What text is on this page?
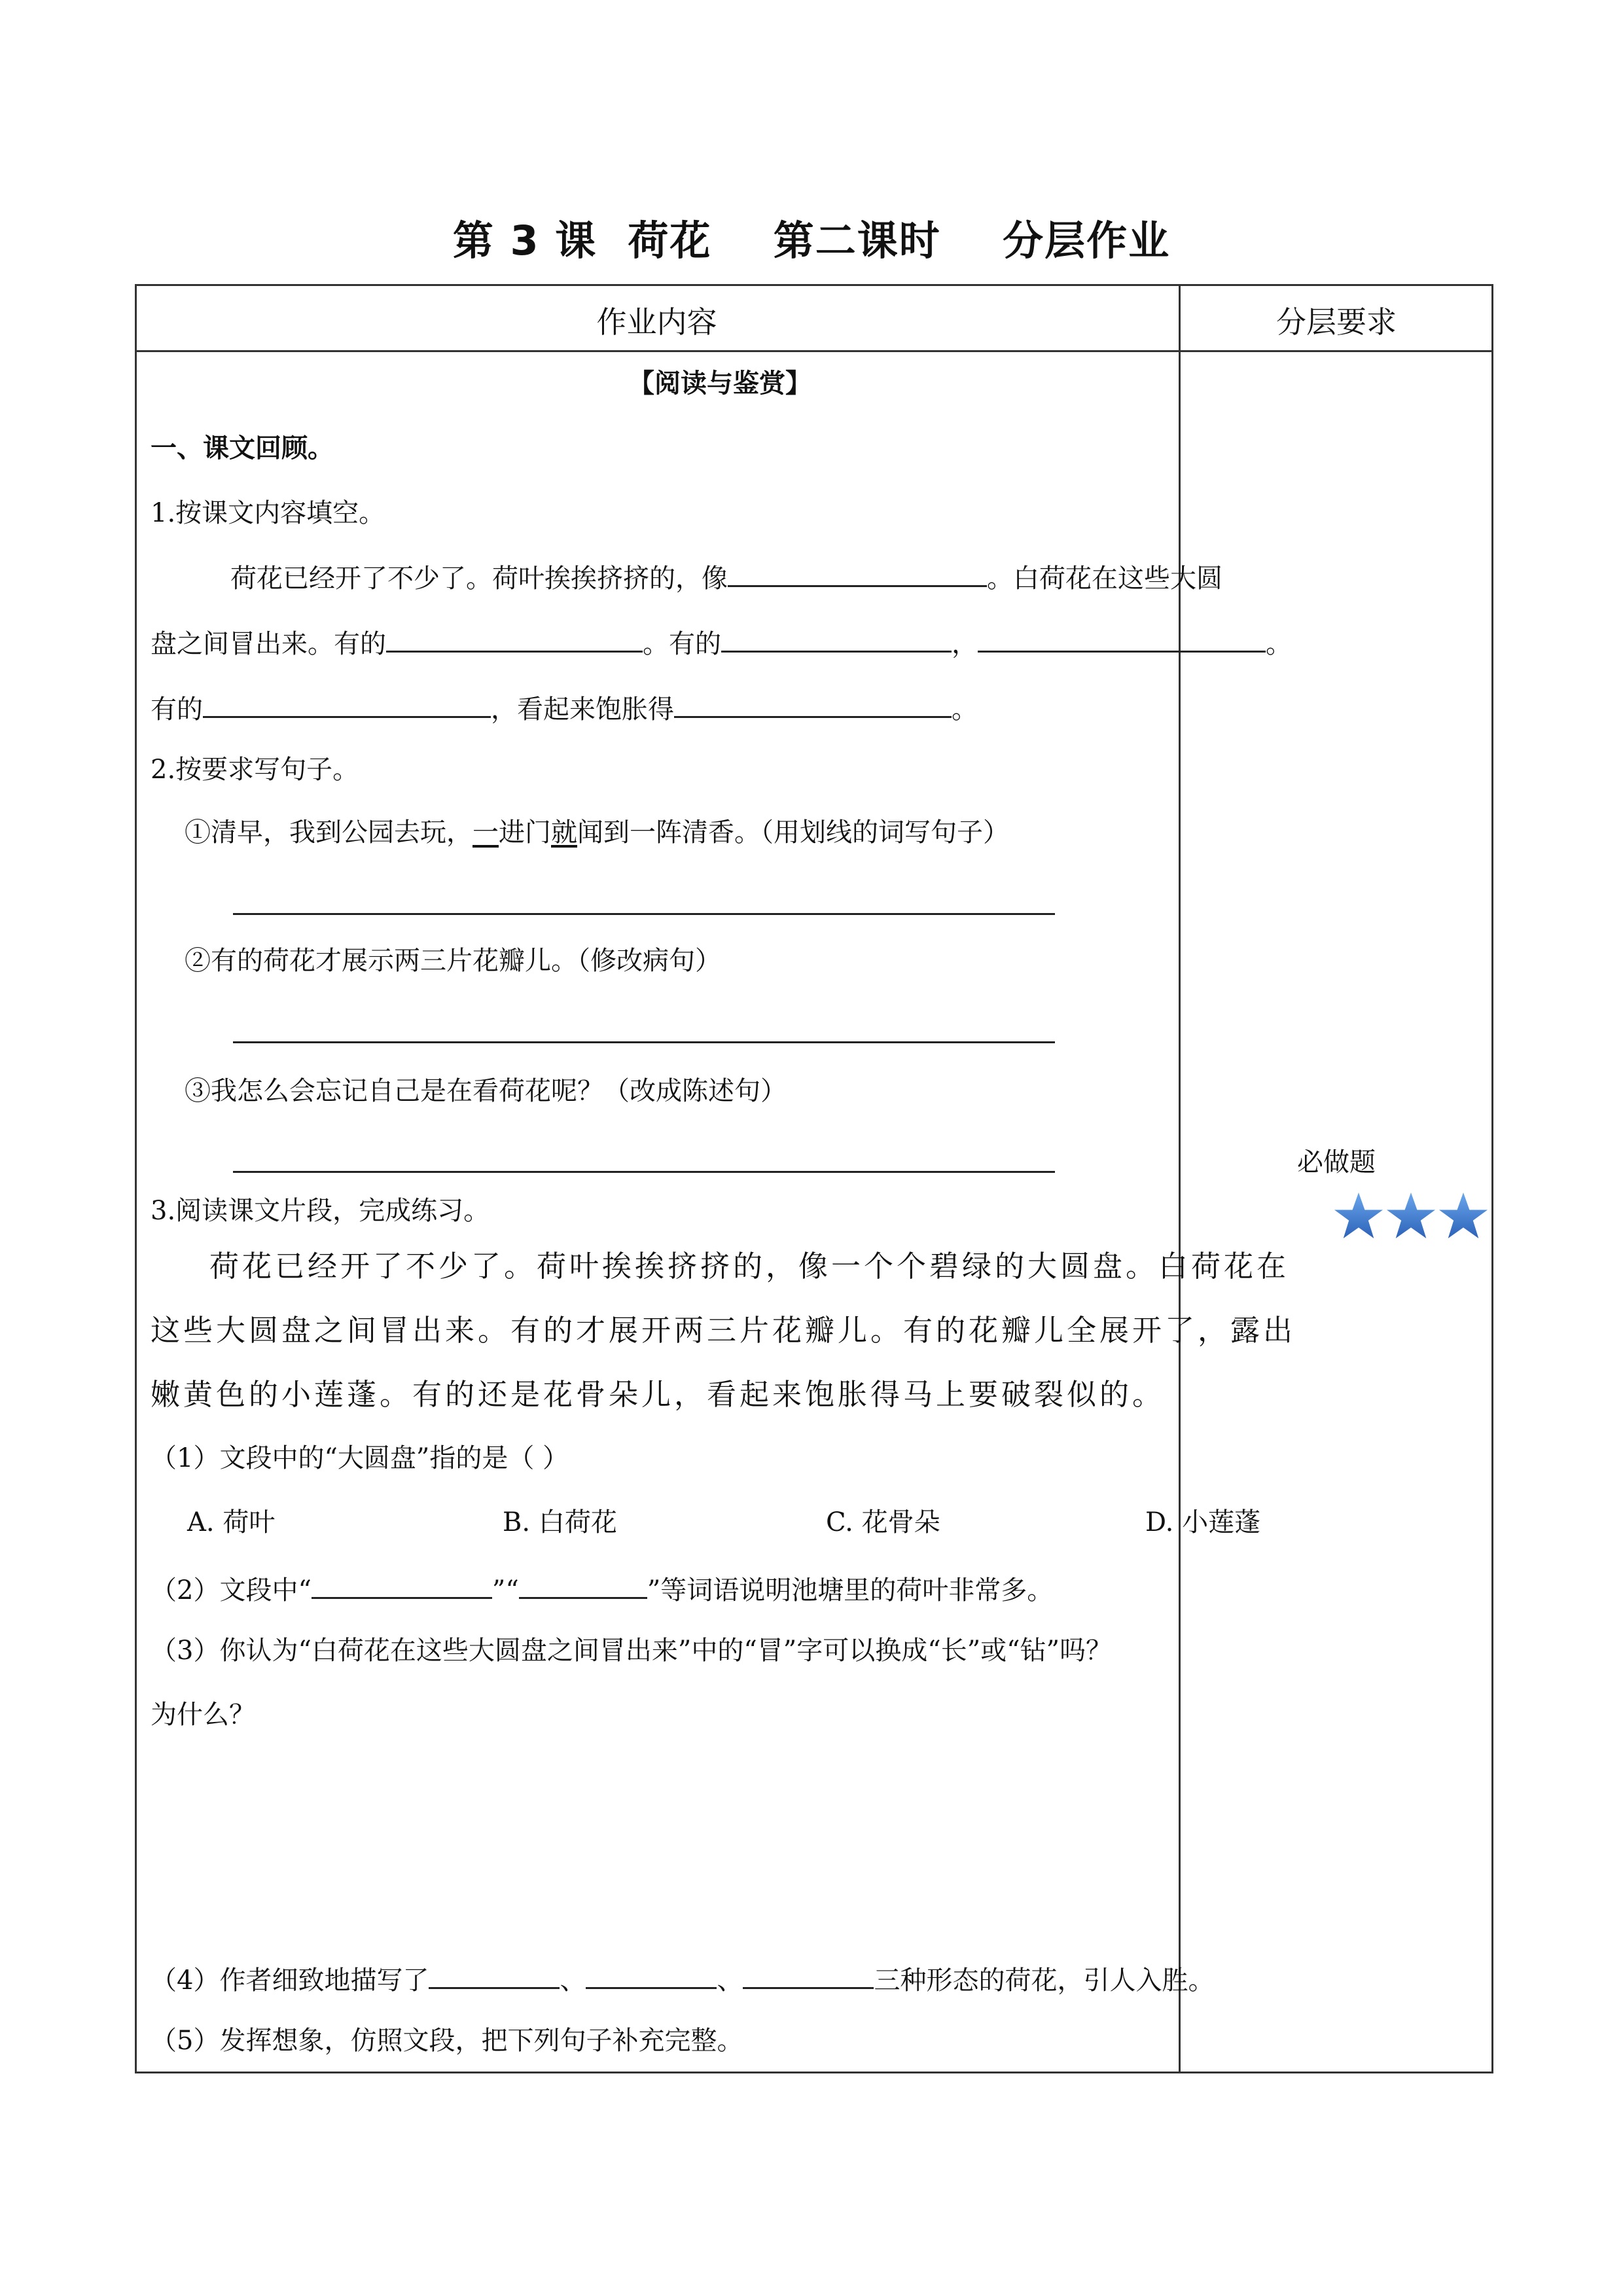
第 3 课  荷花    第二课时    分层作业
作业内容	分层要求
【阅读与鉴赏】
一、课文回顾。
1.按课文内容填空。
荷花已经开了不少了。荷叶挨挨挤挤的，像	。白荷花在这些大圆
盘之间冒出来。有的	。有的	，	。
有的	，看起来饱胀得	。
2.按要求写句子。
①清早，我到公园去玩，一进门就闻到一阵清香。（用划线的词写句子）
②有的荷花才展示两三片花瓣儿。（修改病句）
③我怎么会忘记自己是在看荷花呢？（改成陈述句）
3.阅读课文片段，完成练习。
荷花已经开了不少了。荷叶挨挨挤挤的，像一个个碧绿的大圆盘。白荷花在
这些大圆盘之间冒出来。有的才展开两三片花瓣儿。有的花瓣儿全展开了，露出
嫩黄色的小莲蓬。有的还是花骨朵儿，看起来饱胀得马上要破裂似的。
（1）文段中的“大圆盘”指的是（ ）
A. 荷叶	B. 白荷花	C. 花骨朵	D. 小莲蓬
（2）文段中“	”“	”等词语说明池塘里的荷叶非常多。
（3）你认为“白荷花在这些大圆盘之间冒出来”中的“冒”字可以换成“长”或“钻”吗？
为什么？
（4）作者细致地描写了	、	、	三种形态的荷花，引人入胜。
（5）发挥想象，仿照文段，把下列句子补充完整。
必做题
